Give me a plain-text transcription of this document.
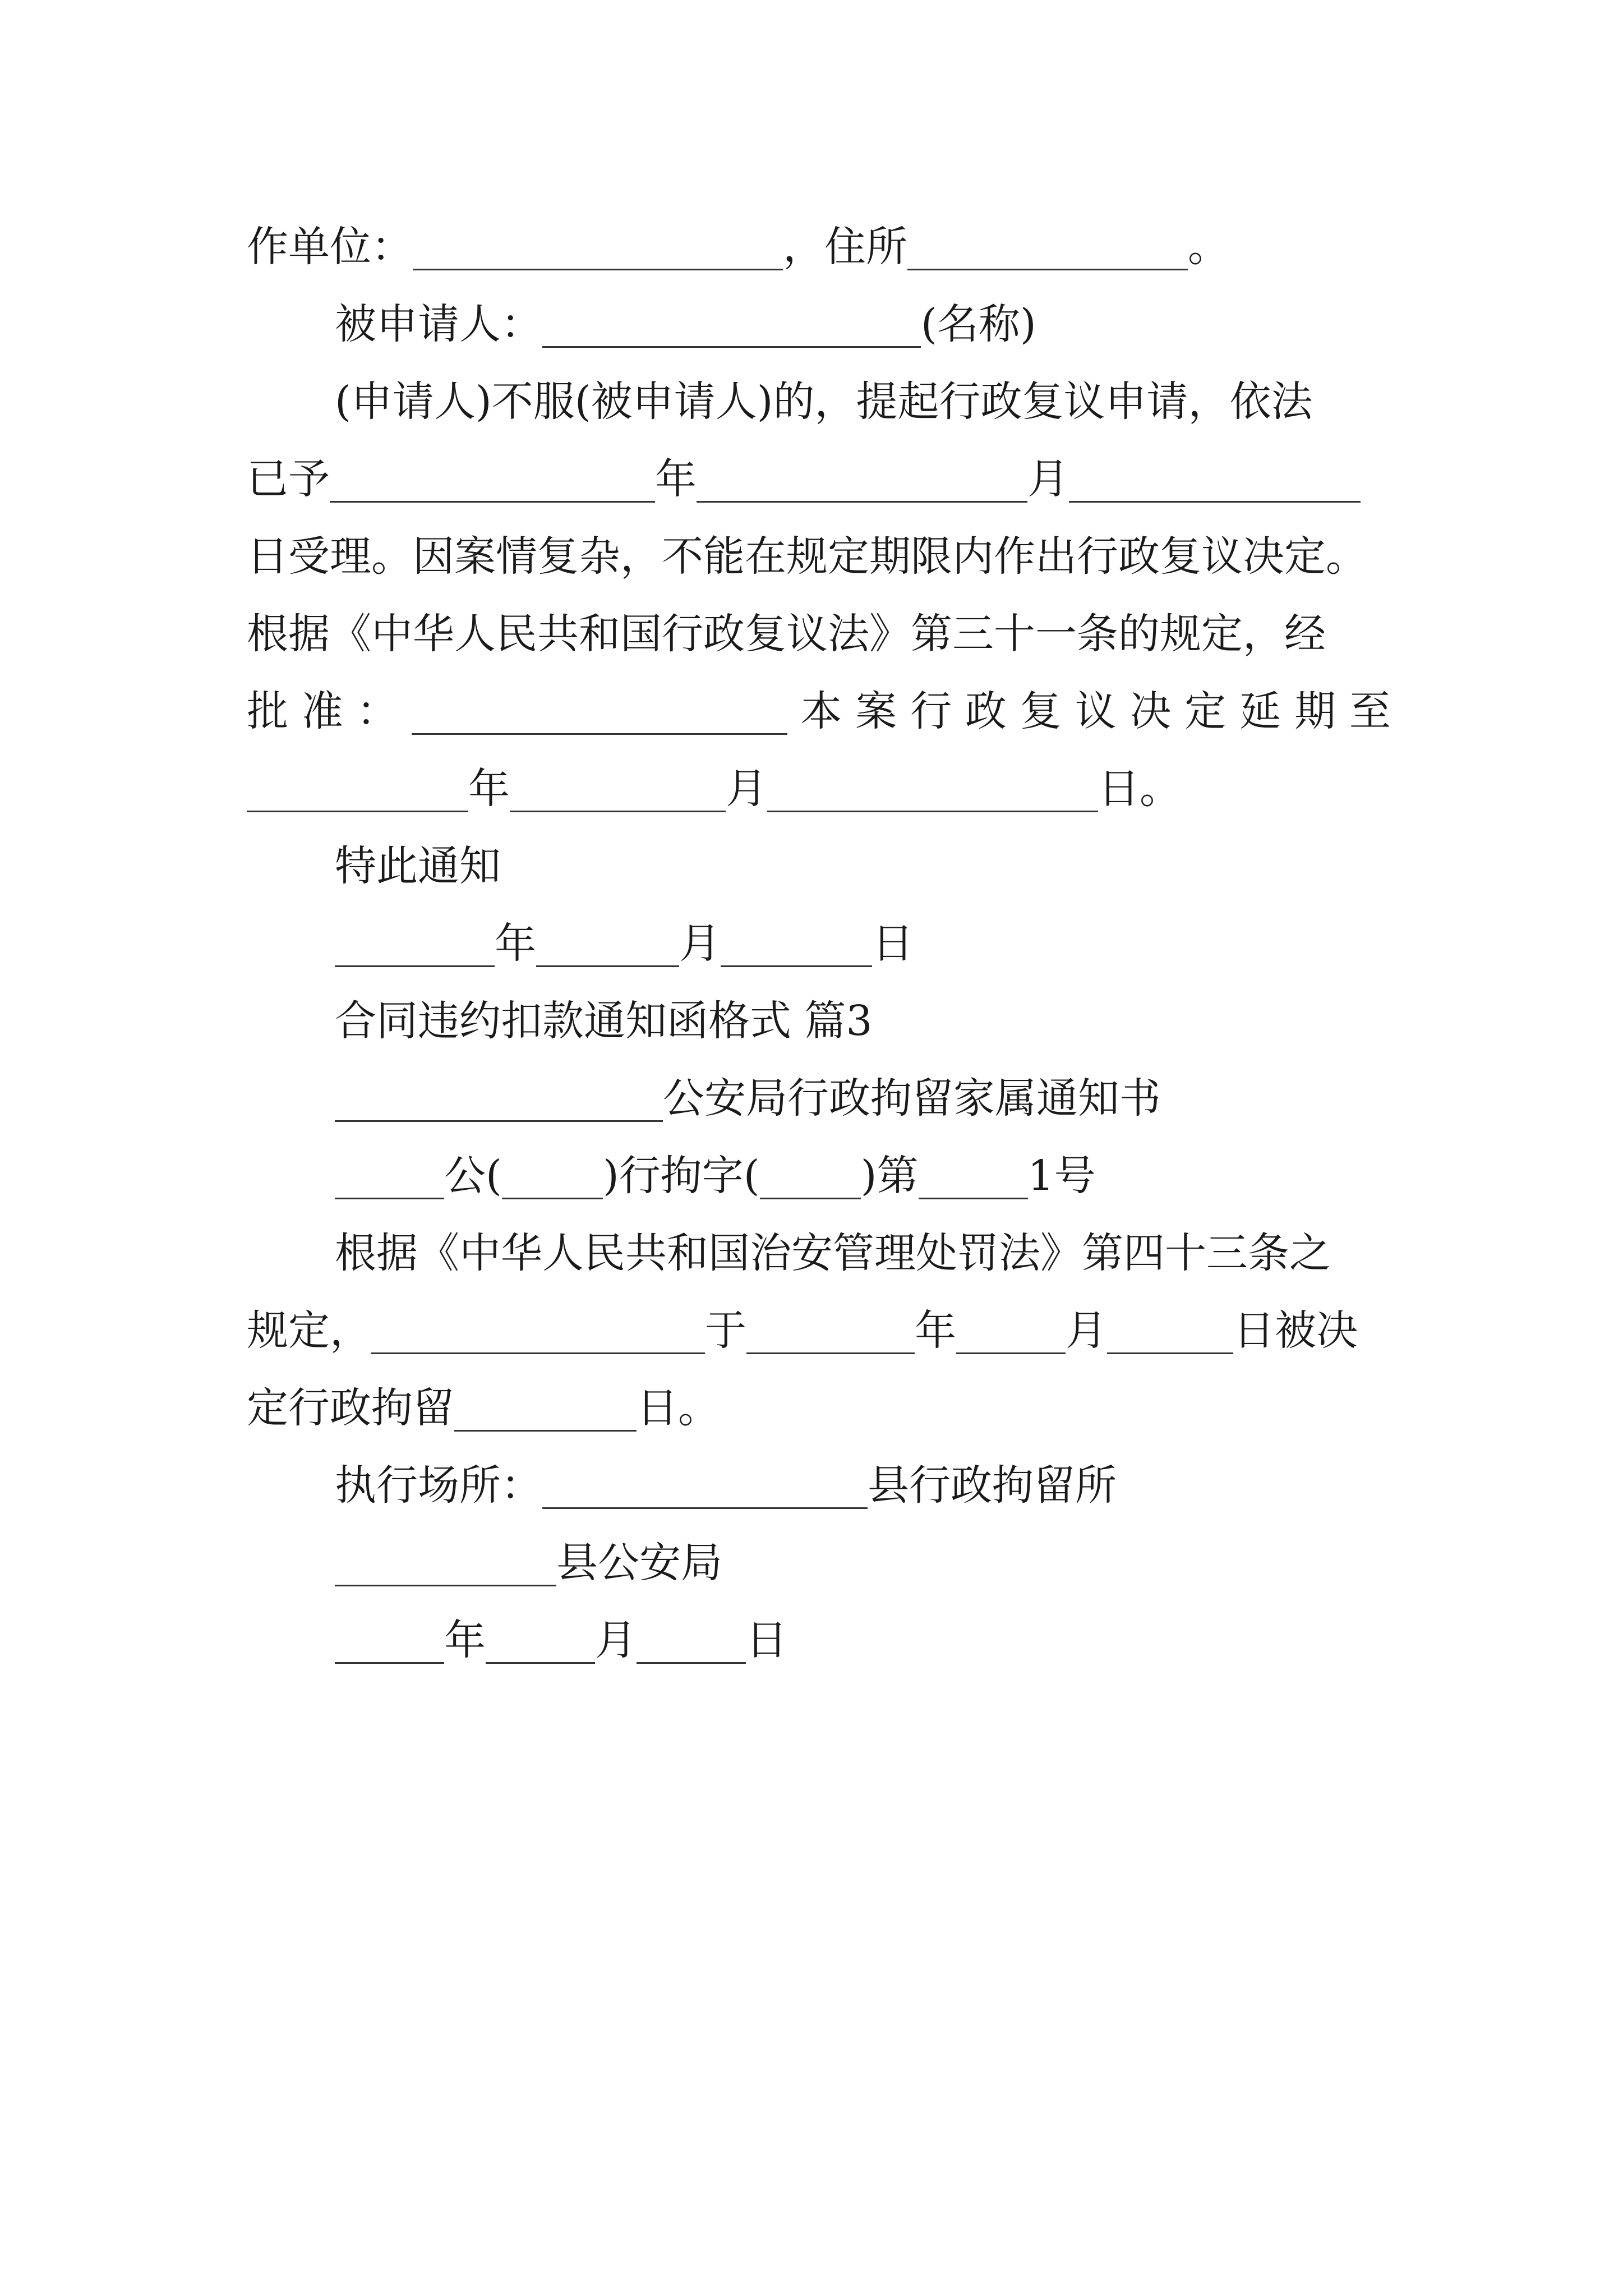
作单位：	，住所	。
被申请人：	(名称)
(申请人)不服(被申请人)的，提起行政复议申请，依法
已予	年	月
日受理。因案情复杂，不能在规定期限内作出行政复议决定。
根据《中华人民共和国行政复议法》第三十一条的规定，经
批 准 ：	本 案 行 政 复 议 决 定 延 期 至
年	月	日。
特此通知
年	月	日
合同违约扣款通知函格式 篇3
公安局行政拘留家属通知书
公( )行拘字( )第	1号
根据《中华人民共和国治安管理处罚法》第四十三条之
规定，	于	年	月	日被决
定行政拘留	日。
执行场所：	县行政拘留所
县公安局
年	月	日
